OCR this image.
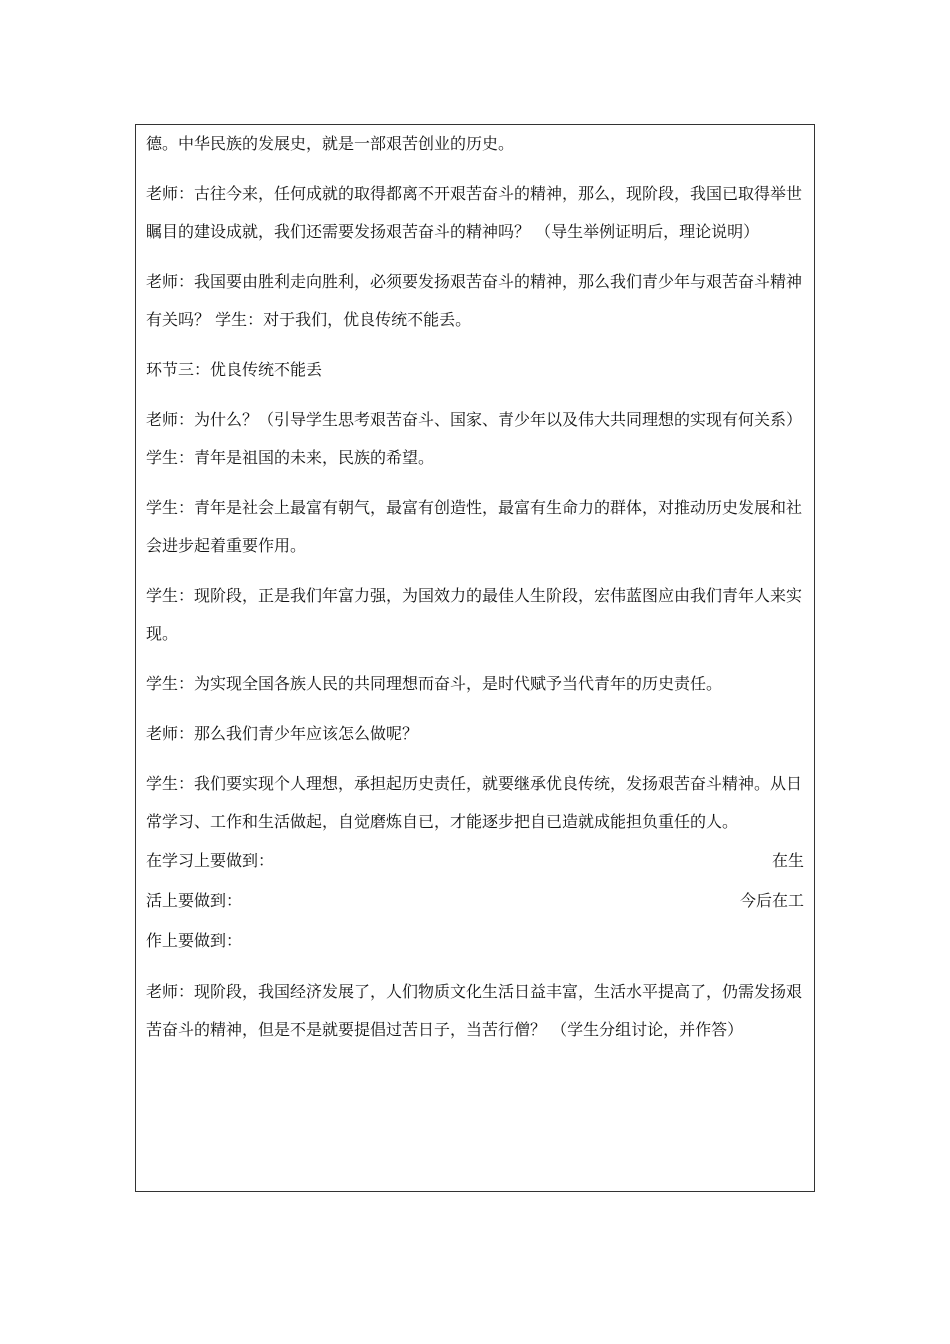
德。中华民族的发展史，就是一部艰苦创业的历史。

老师：古往今来，任何成就的取得都离不开艰苦奋斗的精神，那么，现阶段，我国已取得举世瞩目的建设成就，我们还需要发扬艰苦奋斗的精神吗？ （导生举例证明后，理论说明）

老师：我国要由胜利走向胜利，必须要发扬艰苦奋斗的精神，那么我们青少年与艰苦奋斗精神有关吗？ 学生：对于我们，优良传统不能丢。

环节三：优良传统不能丢

老师：为什么？（引导学生思考艰苦奋斗、国家、青少年以及伟大共同理想的实现有何关系） 学生：青年是祖国的未来，民族的希望。

学生：青年是社会上最富有朝气，最富有创造性，最富有生命力的群体，对推动历史发展和社会进步起着重要作用。

学生：现阶段，正是我们年富力强，为国效力的最佳人生阶段，宏伟蓝图应由我们青年人来实现。

学生：为实现全国各族人民的共同理想而奋斗，是时代赋予当代青年的历史责任。

老师：那么我们青少年应该怎么做呢？

学生：我们要实现个人理想，承担起历史责任，就要继承优良传统，发扬艰苦奋斗精神。从日常学习、工作和生活做起，自觉磨炼自已，才能逐步把自已造就成能担负重任的人。

在学习上要做到：	在生
活上要做到：	今后在工
作上要做到：

老师：现阶段，我国经济发展了，人们物质文化生活日益丰富，生活水平提高了，仍需发扬艰苦奋斗的精神，但是不是就要提倡过苦日子，当苦行僧？ （学生分组讨论，并作答）
